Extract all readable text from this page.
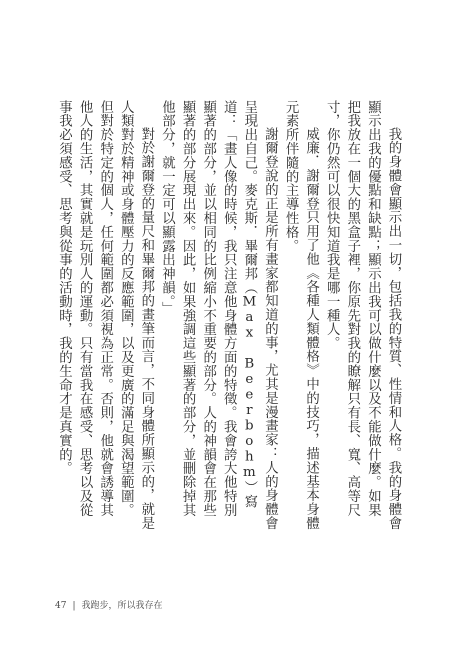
我的身體會顯示出一切，包括我的特質、性情和人格。我的身體會顯示出我的優點和缺點；顯示出我可以做什麼以及不能做什麼。如果把我放在一個大的黑盒子裡，你原先對我的瞭解只有長、寬、高等尺寸，你仍然可以很快知道我是哪一種人。

威廉．謝爾登只用了他《各種人類體格》中的技巧，描述基本身體元素所伴隨的主導性格。

謝爾登說的正是所有畫家都知道的事，尤其是漫畫家：人的身體會呈現出自己。麥克斯．畢爾邦（Max Beerbohm）寫道：「畫人像的時候，我只注意他身體方面的特徵。我會誇大他特別顯著的部分，並以相同的比例縮小不重要的部分。人的神韻會在那些顯著的部分展現出來。因此，如果強調這些顯著的部分，並刪除掉其他部分，就一定可以顯露出神韻。」

對於謝爾登的量尺和畢爾邦的畫筆而言，不同身體所顯示的，就是人類對於精神或身體壓力的反應範圍，以及更廣的滿足與渴望範圍。但對於特定的個人，任何範圍都必須視為正常。否則，他就會誘導其他人的生活，其實就是玩別人的運動。只有當我在感受、思考以及從事我必須感受、思考與從事的活動時，我的生命才是真實的。

47 | 我跑步，所以我存在
